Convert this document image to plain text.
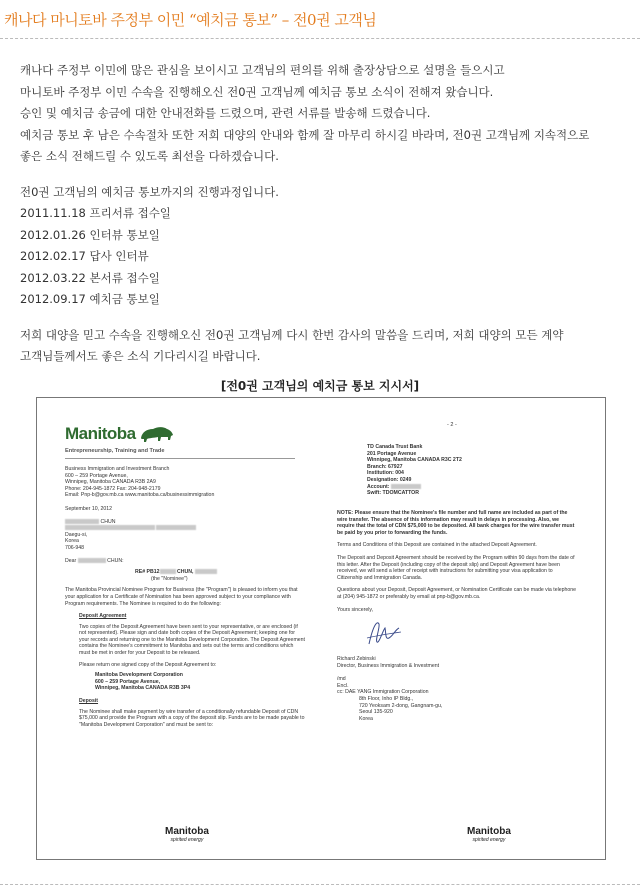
캐나다 마니토바 주정부 이민 “예치금 통보” – 전0권 고객님

캐나다 주정부 이민에 많은 관심을 보이시고 고객님의 편의를 위해 출장상담으로 설명을 들으시고

마니토바 주정부 이민 수속을 진행해오신 전0권 고객님께 예치금 통보 소식이 전해져 왔습니다.

승인 및 예치금 송금에 대한 안내전화를 드렸으며, 관련 서류를 발송해 드렸습니다.

예치금 통보 후 남은 수속절차 또한 저희 대양의 안내와 함께 잘 마무리 하시길 바라며, 전0권 고객님께 지속적으로

좋은 소식 전해드릴 수 있도록 최선을 다하겠습니다.

전0권 고객님의 예치금 통보까지의 진행과정입니다.

2011.11.18 프리서류 접수일

2012.01.26 인터뷰 통보일

2012.02.17 답사 인터뷰

2012.03.22 본서류 접수일

2012.09.17 예치금 통보일

저희 대양을 믿고 수속을 진행해오신 전0권 고객님께 다시 한번 감사의 말씀을 드리며, 저희 대양의 모든 계약

고객님들께서도 좋은 소식 기다리시길 바랍니다.

[전0권 고객님의 예치금 통보 지시서]
Manitoba
Entrepreneurship, Training and Trade
Business Immigration and Investment Branch
600 – 259 Portage Avenue,
Winnipeg, Manitoba CANADA R3B 2A9
Phone: 204-945-1872 Fax: 204-948-2179
Email: Pnp-b@gov.mb.ca www.manitoba.ca/businessimmigration
September 10, 2012
CHUN

Daegu-si,
Korea
706-948
Dear	CHUN:
RE# PB12	CHUN,
(the "Nominee")
The Manitoba Provincial Nominee Program for Business (the "Program") is pleased to inform you that your application for a Certificate of Nomination has been approved subject to your compliance with Program requirements. The Nominee is required to do the following:
Deposit Agreement
Two copies of the Deposit Agreement have been sent to your representative, or are enclosed (if not represented). Please sign and date both copies of the Deposit Agreement; keeping one for your records and returning one to the Manitoba Development Corporation. The Deposit Agreement contains the Nominee's commitment to Manitoba and sets out the terms and conditions which must be met in order for your Deposit to be released.
Please return one signed copy of the Deposit Agreement to:
Manitoba Development Corporation
600 – 259 Portage Avenue,
Winnipeg, Manitoba CANADA R3B 3P4
Deposit
The Nominee shall make payment by wire transfer of a conditionally refundable Deposit of CDN $75,000 and provide the Program with a copy of the deposit slip. Funds are to be made payable to "Manitoba Development Corporation" and must be sent to:
Manitoba
spirited energy
- 2 -
TD Canada Trust Bank
201 Portage Avenue
Winnipeg, Manitoba CANADA R3C 2T2
Branch: 67927
Institution: 004
Designation: 0249
Account:
Swift: TDOMCATTOR
NOTE: Please ensure that the Nominee's file number and full name are included as part of the wire transfer. The absence of this information may result in delays in processing. Also, we require that the total of CDN $75,000 to be deposited. All bank charges for the wire transfer must be paid by you prior to forwarding the funds.
Terms and Conditions of this Deposit are contained in the attached Deposit Agreement.
The Deposit and Deposit Agreement should be received by the Program within 90 days from the date of this letter. After the Deposit (including copy of the deposit slip) and Deposit Agreement have been received, we will send a letter of receipt with instructions for submitting your visa application to Citizenship and Immigration Canada.
Questions about your Deposit, Deposit Agreement, or Nomination Certificate can be made via telephone at (204) 945-1872 or preferably by email at pnp-b@gov.mb.ca.
Yours sincerely,
Richard Zebinski
Director, Business Immigration & Investment
/md
Encl.
cc: DAE YANG Immigration Corporation
8th Floor, Inho IP Bldg.,
720 Yeoksam 2-dong, Gangnam-gu,
Seoul 135-920
Korea
Manitoba
spirited energy
